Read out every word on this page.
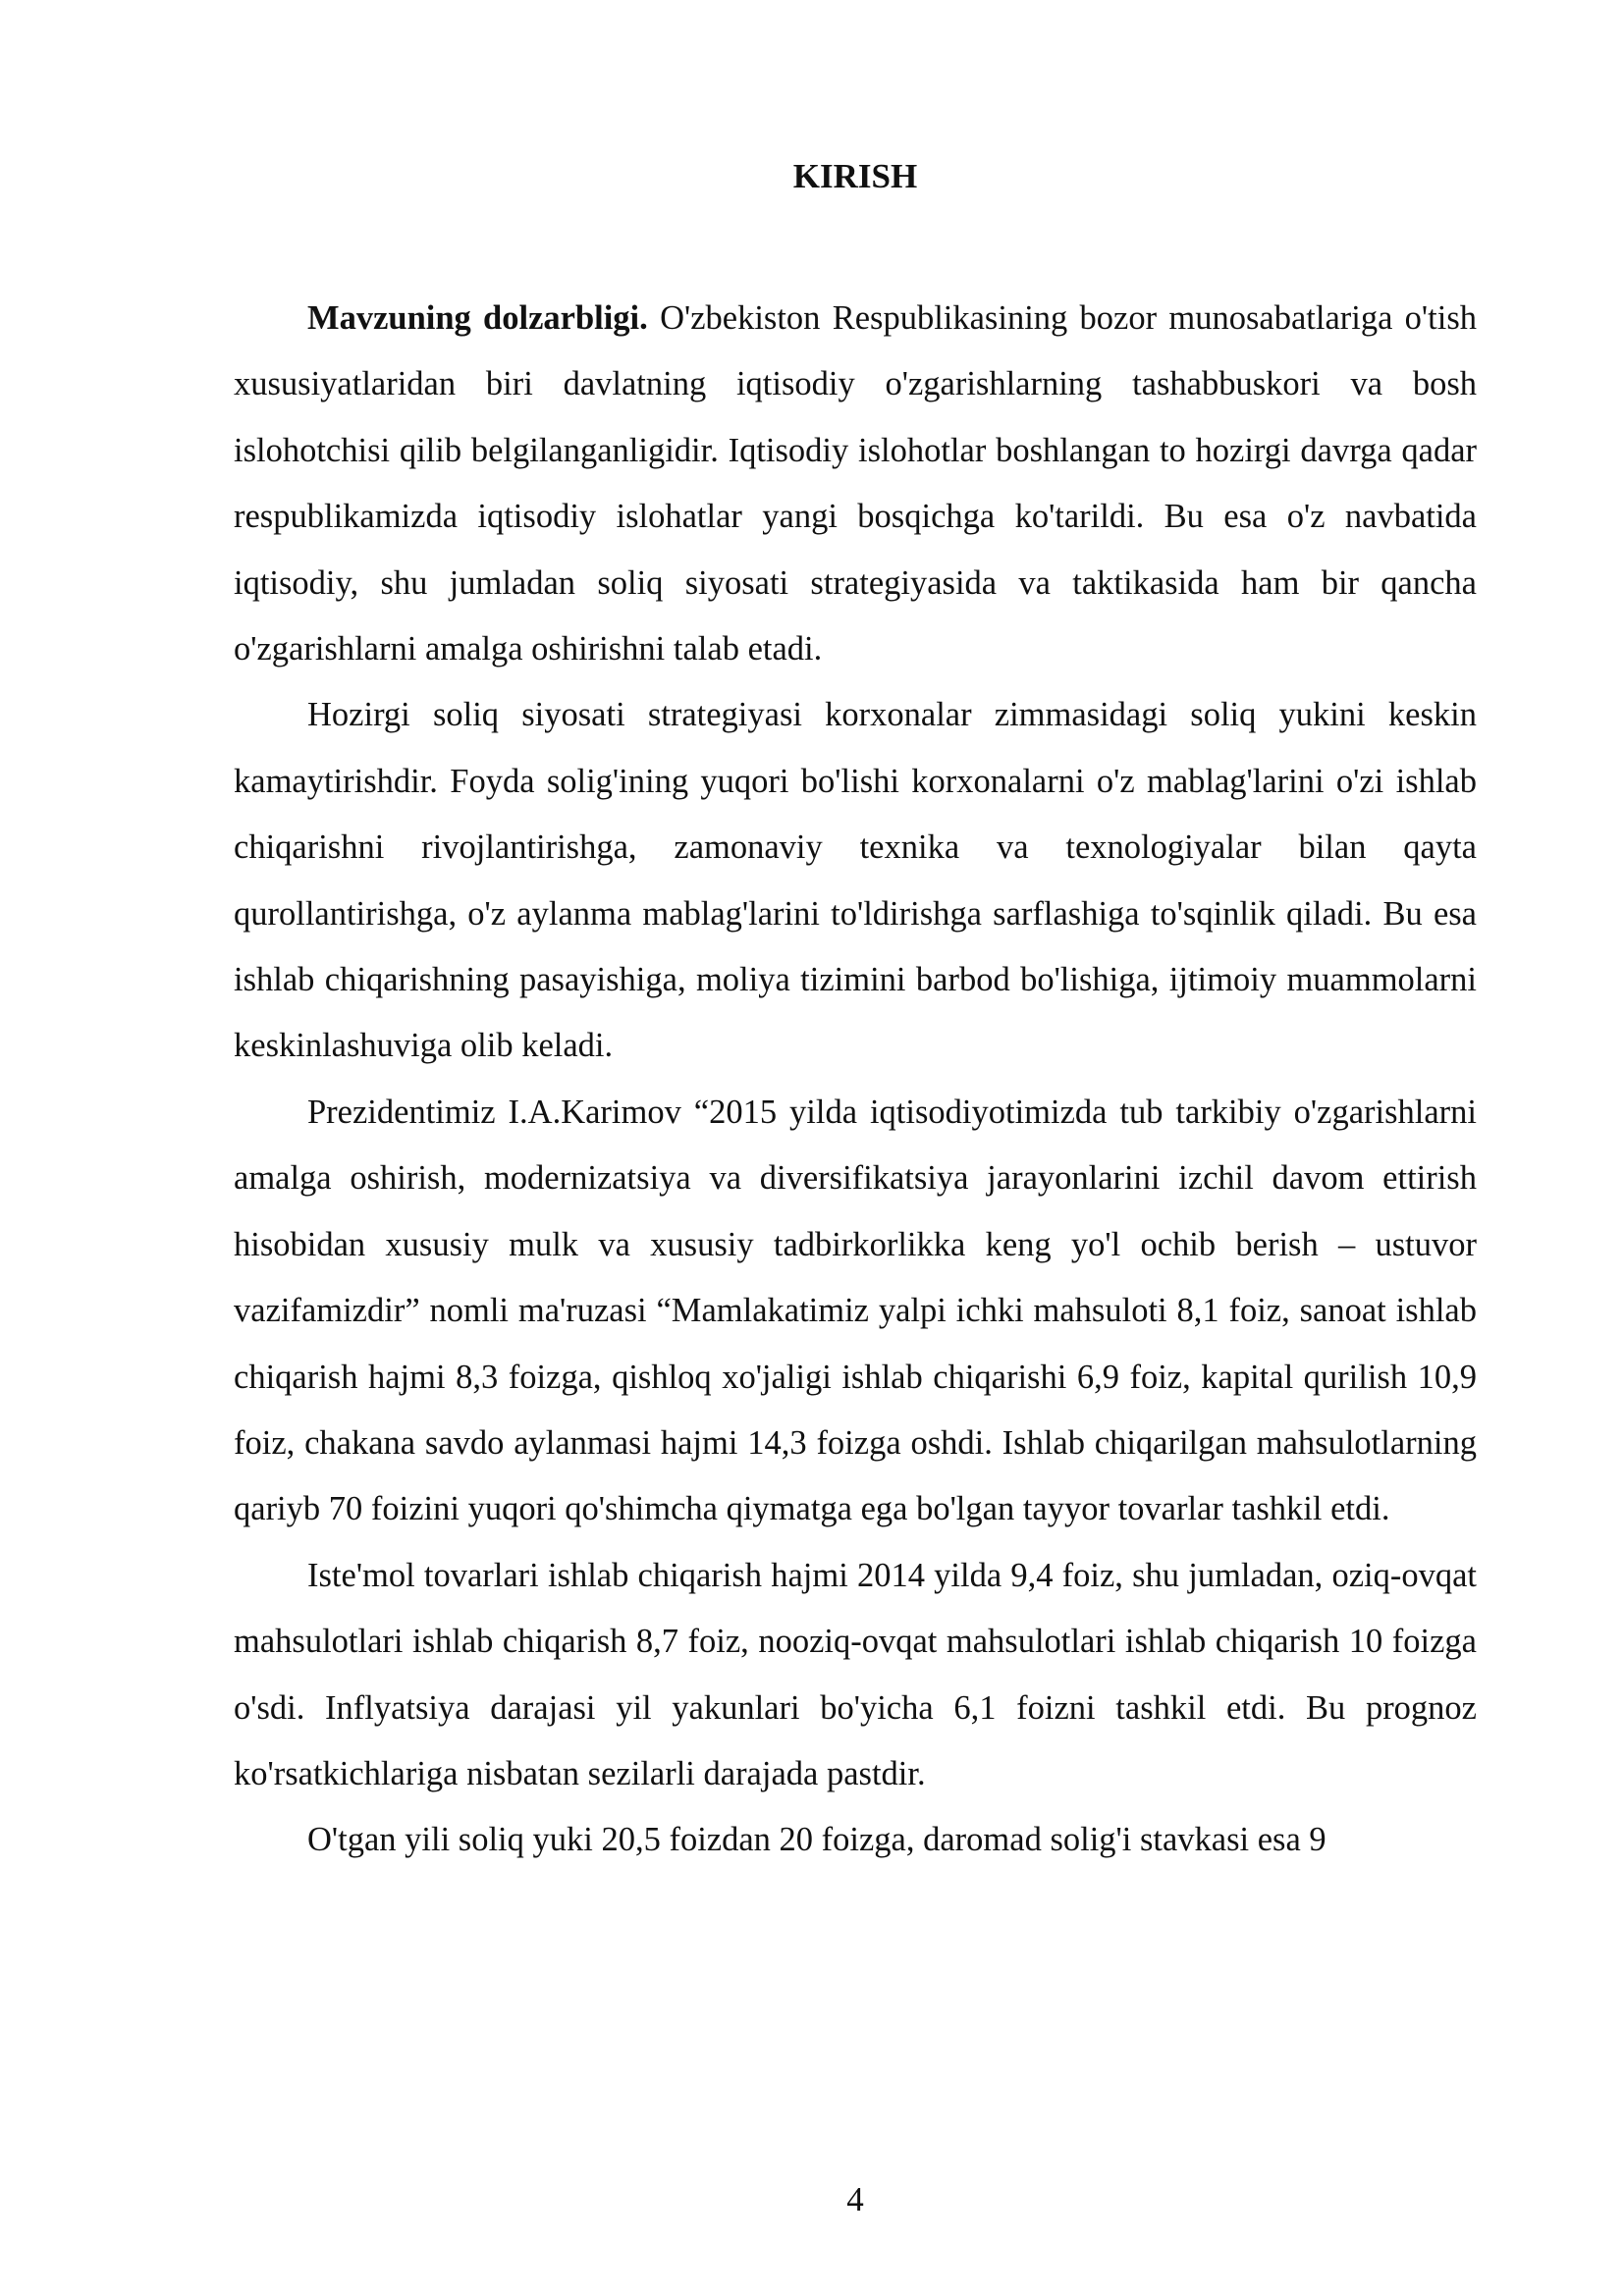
KIRISH

Mavzuning dolzarbligi. O'zbekiston Respublikasining bozor munosabatlariga o'tish xususiyatlaridan biri davlatning iqtisodiy o'zgarishlarning tashabbuskori va bosh islohotchisi qilib belgilanganligidir. Iqtisodiy islohotlar boshlangan to hozirgi davrga qadar respublikamizda iqtisodiy islohatlar yangi bosqichga ko'tarildi. Bu esa o'z navbatida iqtisodiy, shu jumladan soliq siyosati strategiyasida va taktikasida ham bir qancha o'zgarishlarni amalga oshirishni talab etadi.

Hozirgi soliq siyosati strategiyasi korxonalar zimmasidagi soliq yukini keskin kamaytirishdir. Foyda solig'ining yuqori bo'lishi korxonalarni o'z mablag'larini o'zi ishlab chiqarishni rivojlantirishga, zamonaviy texnika va texnologiyalar bilan qayta qurollantirishga, o'z aylanma mablag'larini to'ldirishga sarflashiga to'sqinlik qiladi. Bu esa ishlab chiqarishning pasayishiga, moliya tizimini barbod bo'lishiga, ijtimoiy muammolarni keskinlashuviga olib keladi.

Prezidentimiz I.A.Karimov “2015 yilda iqtisodiyotimizda tub tarkibiy o'zgarishlarni amalga oshirish, modernizatsiya va diversifikatsiya jarayonlarini izchil davom ettirish hisobidan xususiy mulk va xususiy tadbirkorlikka keng yo'l ochib berish – ustuvor vazifamizdir” nomli ma'ruzasi “Mamlakatimiz yalpi ichki mahsuloti 8,1 foiz, sanoat ishlab chiqarish hajmi 8,3 foizga, qishloq xo'jaligi ishlab chiqarishi 6,9 foiz, kapital qurilish 10,9 foiz, chakana savdo aylanmasi hajmi 14,3 foizga oshdi. Ishlab chiqarilgan mahsulotlarning qariyb 70 foizini yuqori qo'shimcha qiymatga ega bo'lgan tayyor tovarlar tashkil etdi.

Iste'mol tovarlari ishlab chiqarish hajmi 2014 yilda 9,4 foiz, shu jumladan, oziq-ovqat mahsulotlari ishlab chiqarish 8,7 foiz, nooziq-ovqat mahsulotlari ishlab chiqarish 10 foizga o'sdi. Inflyatsiya darajasi yil yakunlari bo'yicha 6,1 foizni tashkil etdi. Bu prognoz ko'rsatkichlariga nisbatan sezilarli darajada pastdir.

O'tgan yili soliq yuki 20,5 foizdan 20 foizga, daromad solig'i stavkasi esa 9

4
